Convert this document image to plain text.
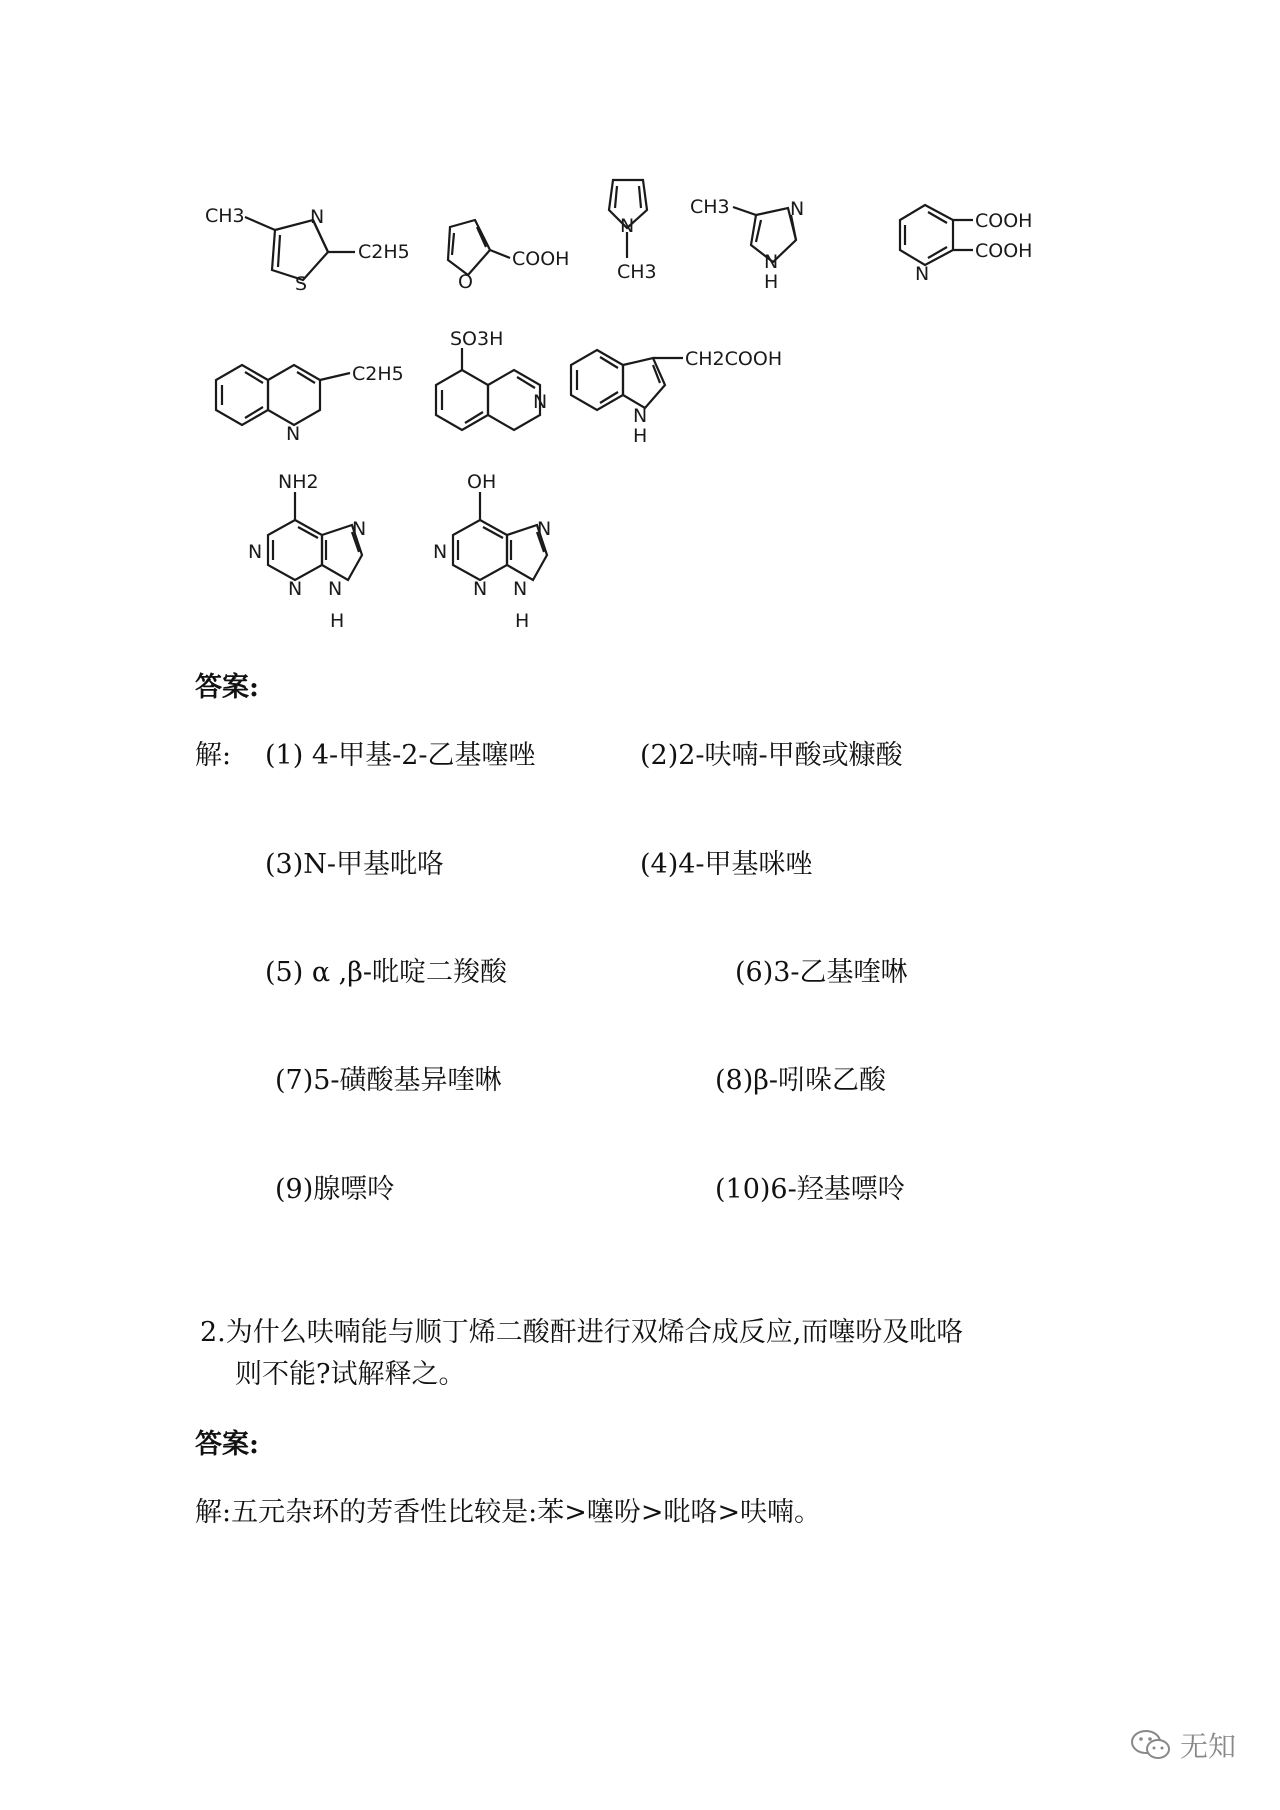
CH3	N
S
C2H5
O
COOH
N
CH3
CH3	N
N
H	N
COOH
COOH
N
C2H5
SO3H
N
N
H
CH2COOH
NH2
N
N
N
N
H
OH
N
N
N
N
H
答案:
解: (1) 4-甲基-2-乙基噻唑	(2)2-呋喃-甲酸或糠酸
(3)N-甲基吡咯	(4)4-甲基咪唑
(5) α ,β-吡啶二羧酸	(6)3-乙基喹啉
(7)5-磺酸基异喹啉	(8)β-吲哚乙酸
(9)腺嘌呤	(10)6-羟基嘌呤
2.为什么呋喃能与顺丁烯二酸酐进行双烯合成反应,而噻吩及吡咯
则不能?试解释之。
答案:
解:五元杂环的芳香性比较是:苯>噻吩>吡咯>呋喃。
无知
